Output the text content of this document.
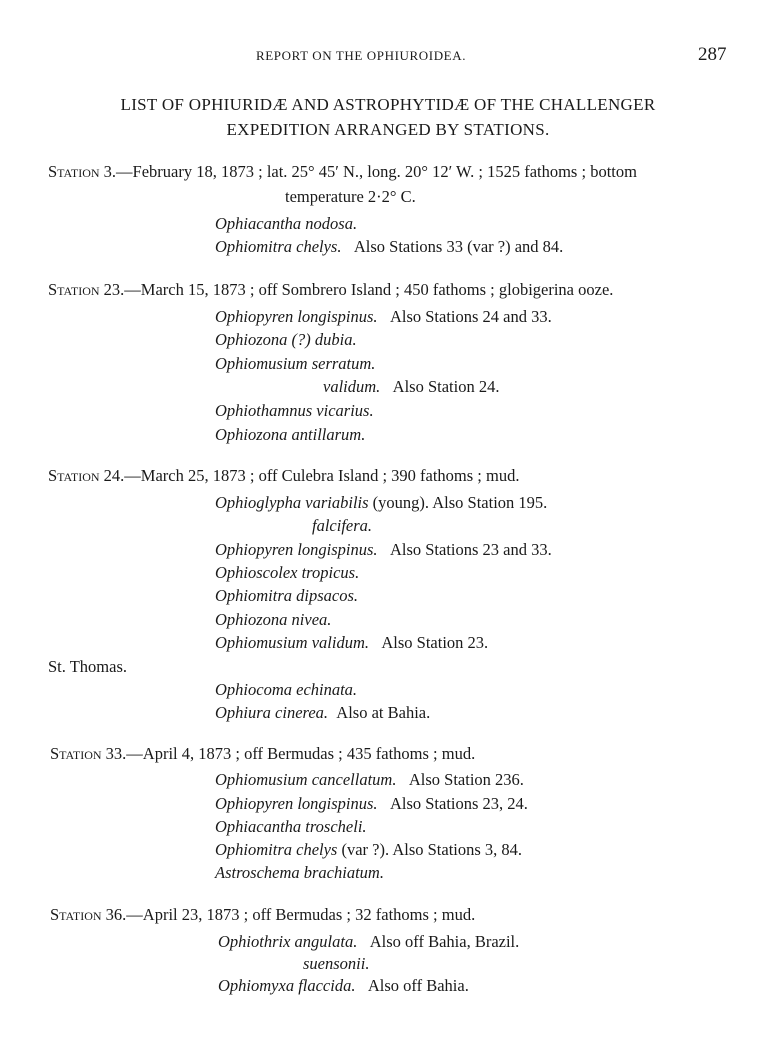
REPORT ON THE OPHIUROIDEA.	287
LIST OF OPHIURIDÆ AND ASTROPHYTIDÆ OF THE CHALLENGER
EXPEDITION ARRANGED BY STATIONS.
Station 3.—February 18, 1873 ; lat. 25° 45′ N., long. 20° 12′ W. ; 1525 fathoms ; bottom
temperature 2·2° C.
Ophiacantha nodosa.
Ophiomitra chelys. Also Stations 33 (var ?) and 84.
Station 23.—March 15, 1873 ; off Sombrero Island ; 450 fathoms ; globigerina ooze.
Ophiopyren longispinus. Also Stations 24 and 33.
Ophiozona (?) dubia.
Ophiomusium serratum.
validum. Also Station 24.
Ophiothamnus vicarius.
Ophiozona antillarum.
Station 24.—March 25, 1873 ; off Culebra Island ; 390 fathoms ; mud.
Ophioglypha variabilis (young). Also Station 195.
falcifera.
Ophiopyren longispinus. Also Stations 23 and 33.
Ophioscolex tropicus.
Ophiomitra dipsacos.
Ophiozona nivea.
Ophiomusium validum. Also Station 23.
St. Thomas.
Ophiocoma echinata.
Ophiura cinerea. Also at Bahia.
Station 33.—April 4, 1873 ; off Bermudas ; 435 fathoms ; mud.
Ophiomusium cancellatum. Also Station 236.
Ophiopyren longispinus. Also Stations 23, 24.
Ophiacantha troscheli.
Ophiomitra chelys (var ?). Also Stations 3, 84.
Astroschema brachiatum.
Station 36.—April 23, 1873 ; off Bermudas ; 32 fathoms ; mud.
Ophiothrix angulata. Also off Bahia, Brazil.
suensonii.
Ophiomyxa flaccida. Also off Bahia.
